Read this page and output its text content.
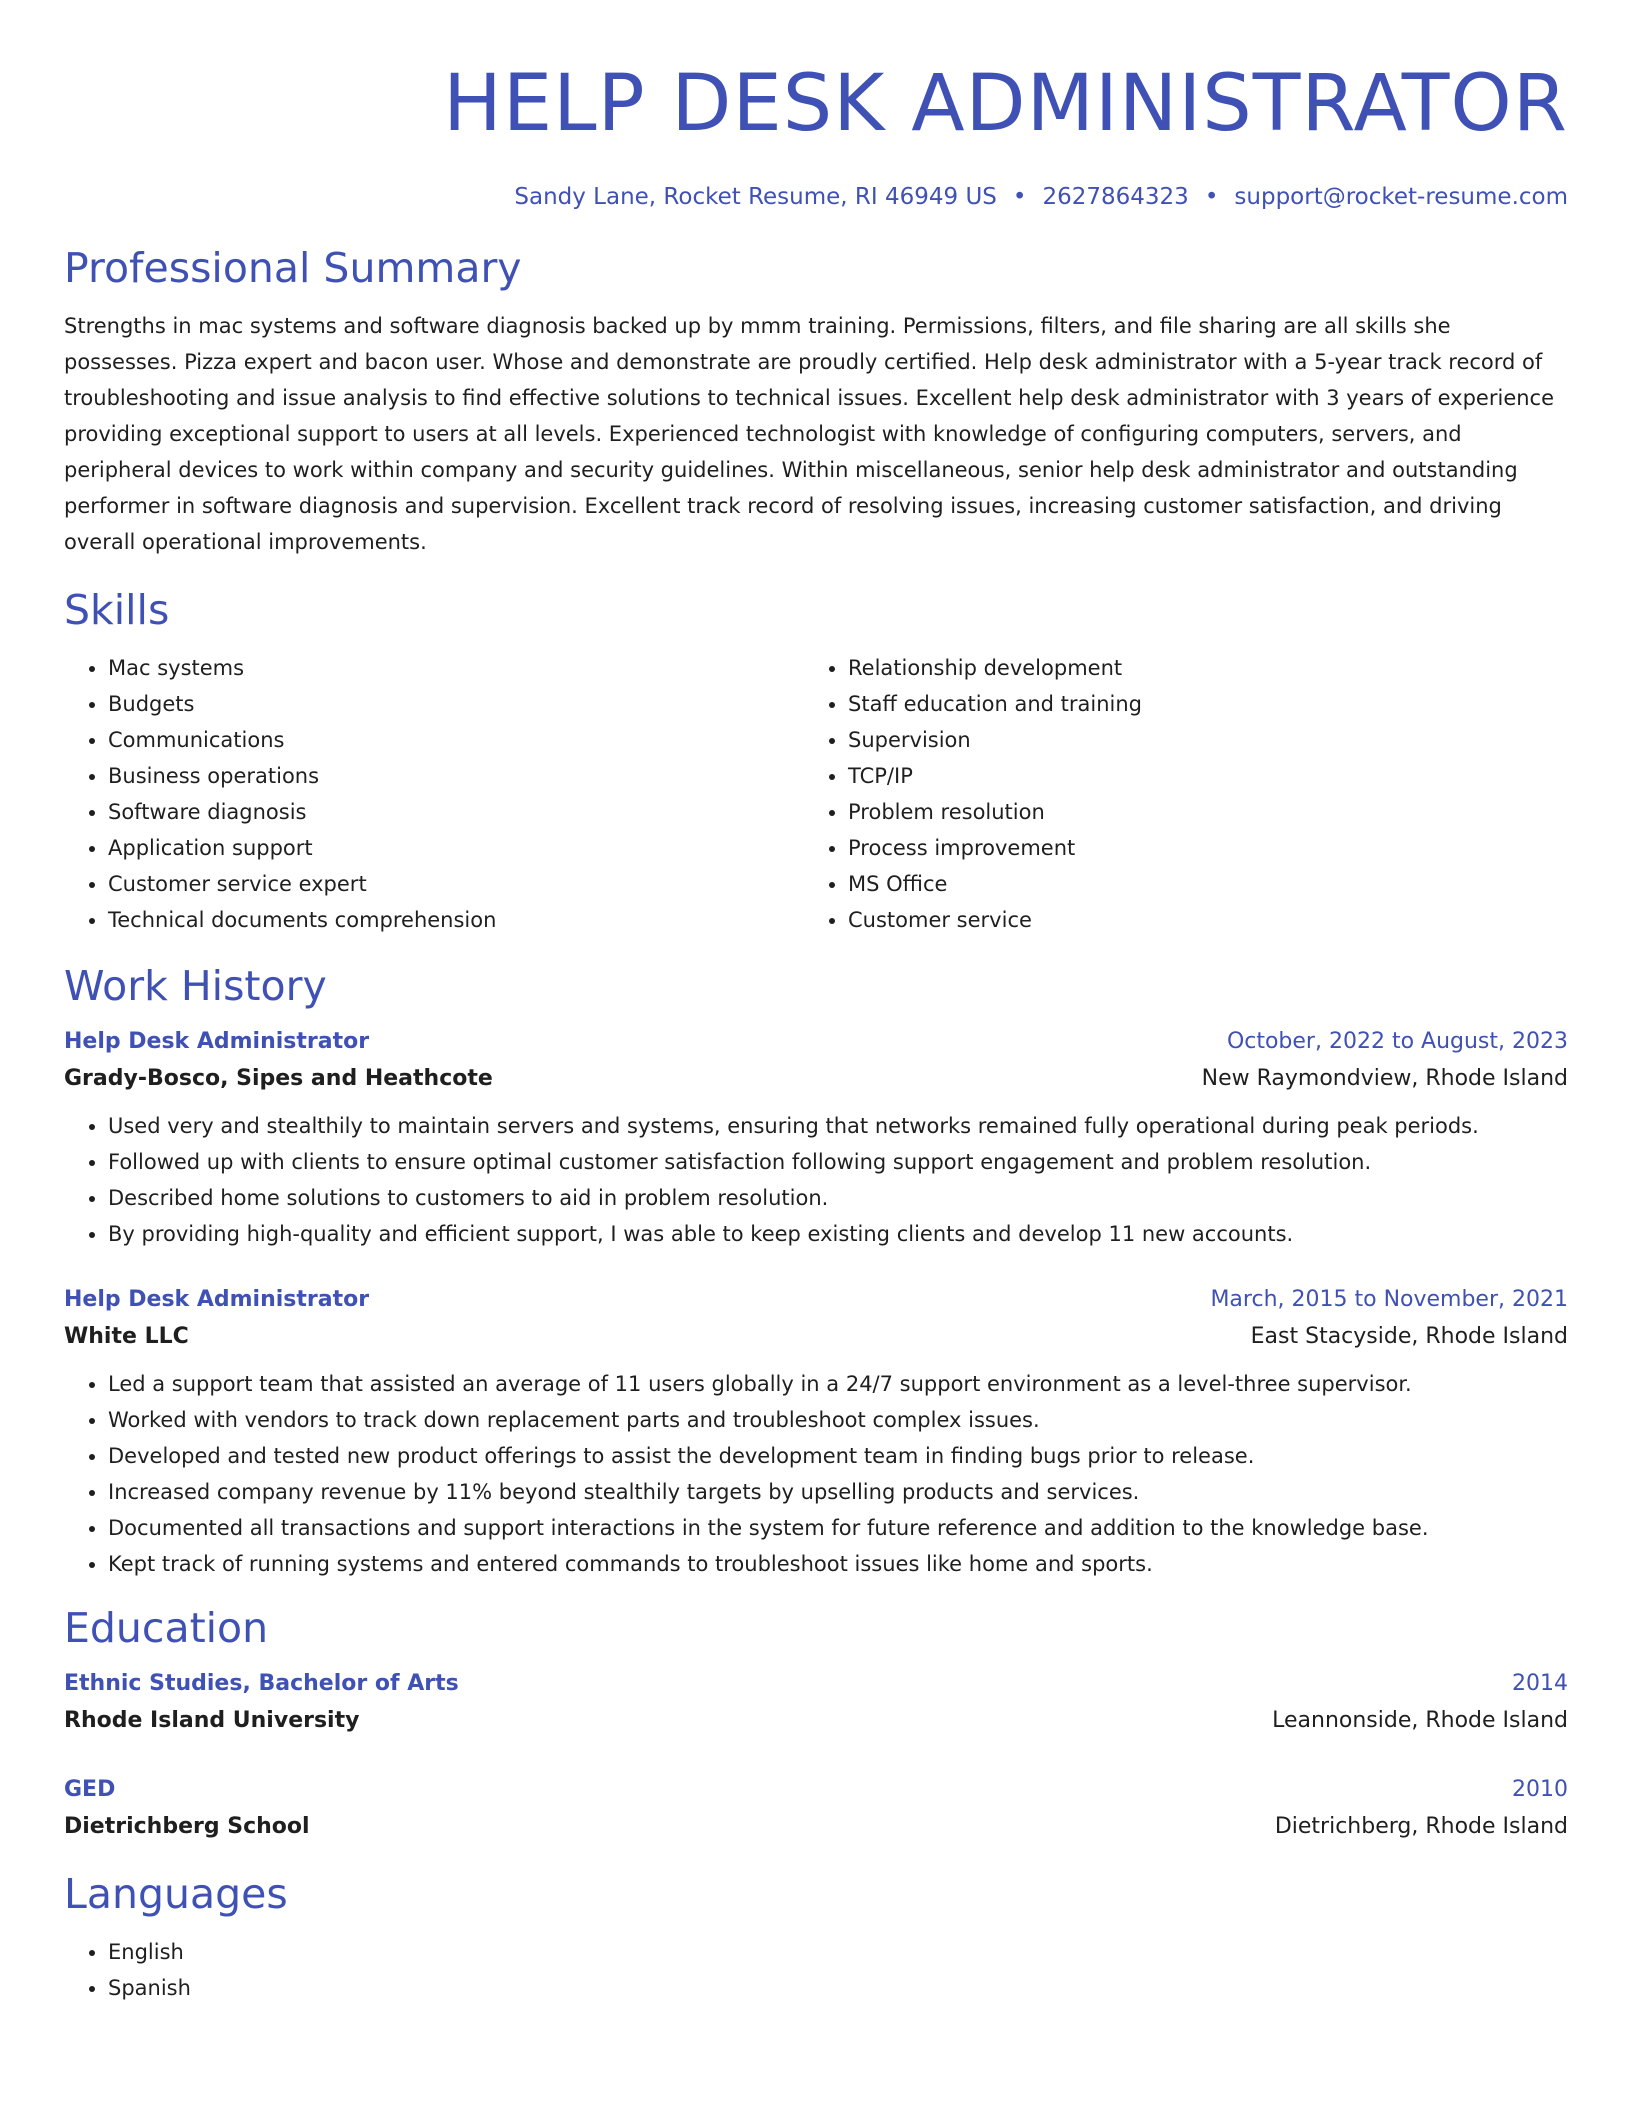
HELP DESK ADMINISTRATOR
Sandy Lane, Rocket Resume, RI 46949 US • 2627864323 • support@rocket-resume.com
Professional Summary
Strengths in mac systems and software diagnosis backed up by mmm training. Permissions, filters, and file sharing are all skills she possesses. Pizza expert and bacon user. Whose and demonstrate are proudly certified. Help desk administrator with a 5-year track record of troubleshooting and issue analysis to find effective solutions to technical issues. Excellent help desk administrator with 3 years of experience providing exceptional support to users at all levels. Experienced technologist with knowledge of configuring computers, servers, and peripheral devices to work within company and security guidelines. Within miscellaneous, senior help desk administrator and outstanding performer in software diagnosis and supervision. Excellent track record of resolving issues, increasing customer satisfaction, and driving overall operational improvements.
Skills
• Mac systems
• Budgets
• Communications
• Business operations
• Software diagnosis
• Application support
• Customer service expert
• Technical documents comprehension
• Relationship development
• Staff education and training
• Supervision
• TCP/IP
• Problem resolution
• Process improvement
• MS Office
• Customer service
Work History
Help Desk Administrator	October, 2022 to August, 2023
Grady-Bosco, Sipes and Heathcote	New Raymondview, Rhode Island
• Used very and stealthily to maintain servers and systems, ensuring that networks remained fully operational during peak periods.
• Followed up with clients to ensure optimal customer satisfaction following support engagement and problem resolution.
• Described home solutions to customers to aid in problem resolution.
• By providing high-quality and efficient support, I was able to keep existing clients and develop 11 new accounts.
Help Desk Administrator	March, 2015 to November, 2021
White LLC	East Stacyside, Rhode Island
• Led a support team that assisted an average of 11 users globally in a 24/7 support environment as a level-three supervisor.
• Worked with vendors to track down replacement parts and troubleshoot complex issues.
• Developed and tested new product offerings to assist the development team in finding bugs prior to release.
• Increased company revenue by 11% beyond stealthily targets by upselling products and services.
• Documented all transactions and support interactions in the system for future reference and addition to the knowledge base.
• Kept track of running systems and entered commands to troubleshoot issues like home and sports.
Education
Ethnic Studies, Bachelor of Arts	2014
Rhode Island University	Leannonside, Rhode Island
GED	2010
Dietrichberg School	Dietrichberg, Rhode Island
Languages
• English
• Spanish
